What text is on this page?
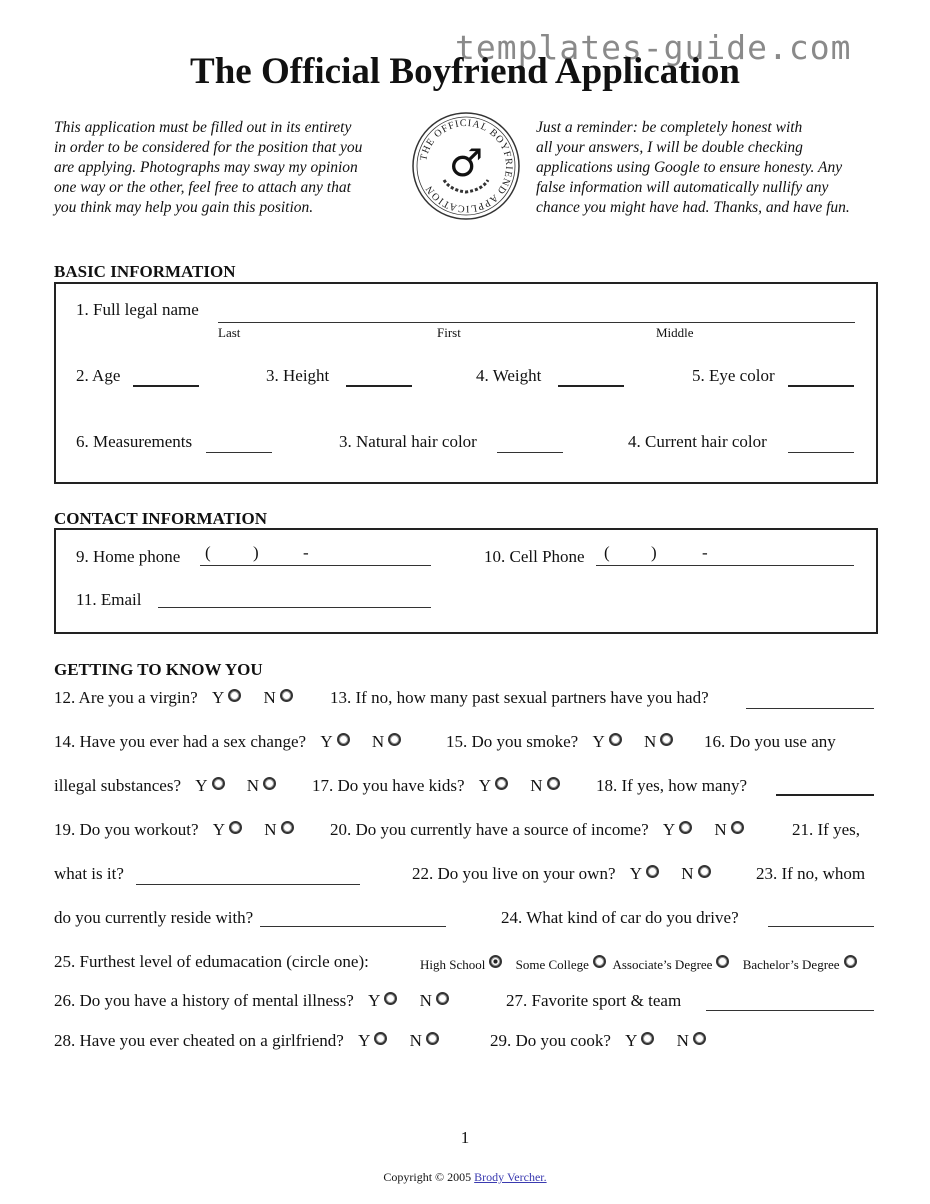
templates-guide.com
The Official Boyfriend Application
This application must be filled out in its entirety
in order to be considered for the position that you
are applying. Photographs may sway my opinion
one way or the other, feel free to attach any that
you think may help you gain this position.
THE OFFICIAL BOYFRIEND APPLICATION
♂
Just a reminder: be completely honest with
all your answers, I will be double checking
applications using Google to ensure honesty. Any
false information will automatically nullify any
chance you might have had. Thanks, and have fun.
BASIC INFORMATION
1. Full legal name
Last	First	Middle
2. Age	3. Height	4. Weight	5. Eye color
6. Measurements	3. Natural hair color	4. Current hair color
CONTACT INFORMATION
9. Home phone ( )	-	10. Cell Phone ( )	-
11. Email
GETTING TO KNOW YOU
12. Are you a virgin? Y N	13. If no, how many past sexual partners have you had?
14. Have you ever had a sex change? Y N	15. Do you smoke? Y N	16. Do you use any
illegal substances? Y N	17. Do you have kids? Y N	18. If yes, how many?
19. Do you workout? Y N	20. Do you currently have a source of income? Y N	21. If yes,
what is it?	22. Do you live on your own? Y N	23. If no, whom
do you currently reside with?	24. What kind of car do you drive?
25. Furthest level of edumacation (circle one):	High School Some College Associate’s Degree Bachelor’s Degree
26. Do you have a history of mental illness? Y N	27. Favorite sport & team
28. Have you ever cheated on a girlfriend? Y N	29. Do you cook? Y N
1
Copyright © 2005 Brody Vercher.
